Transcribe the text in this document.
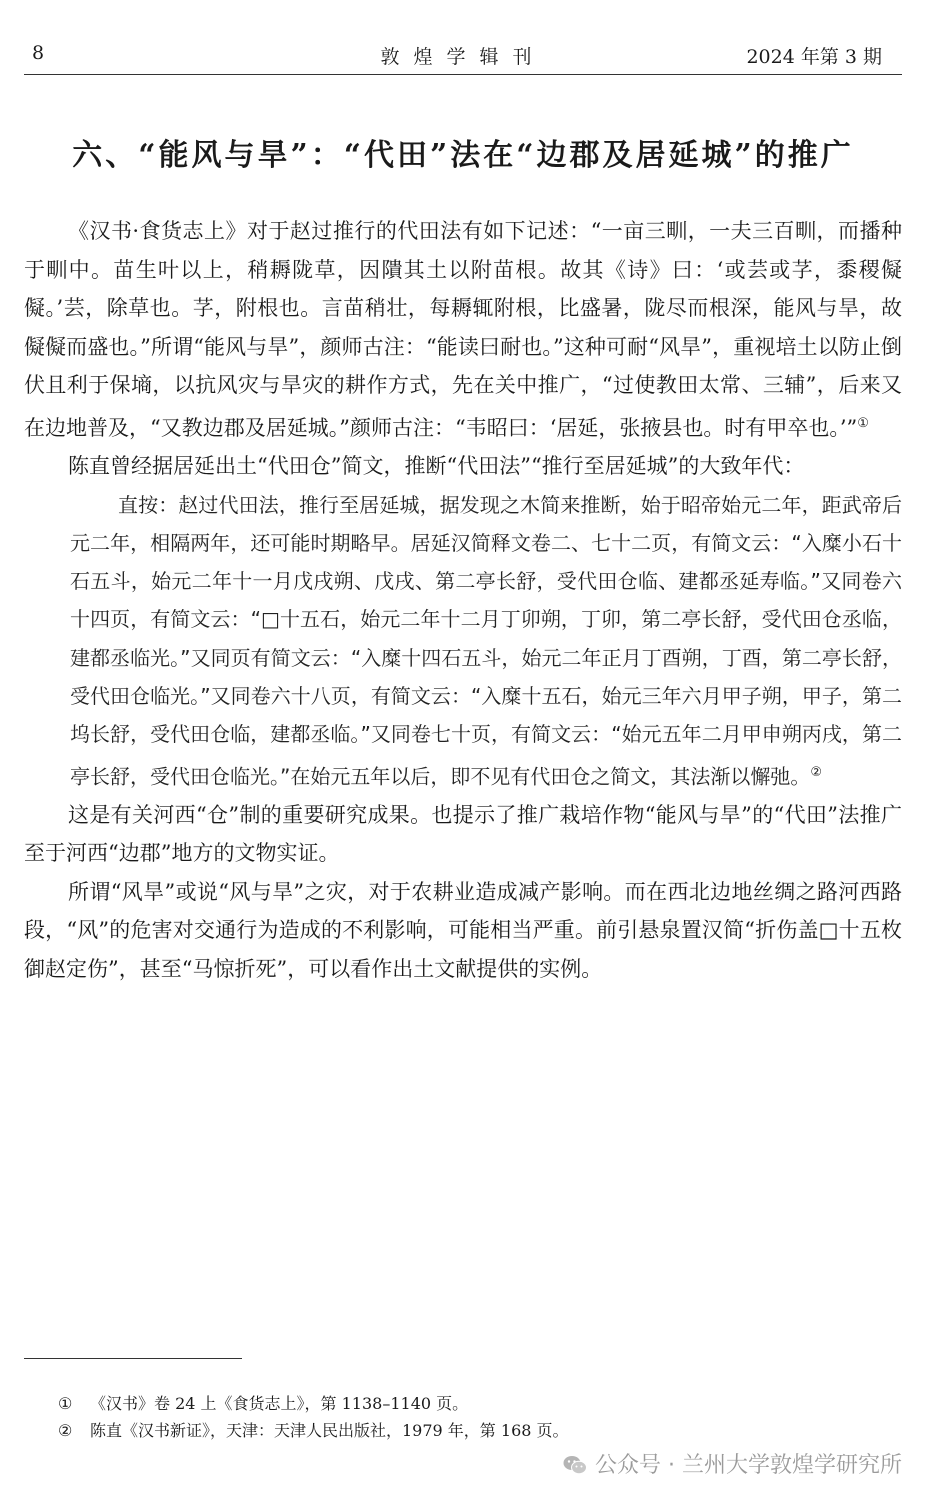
8	敦煌学辑刊	2024 年第 3 期
六、“能风与旱”：“代田”法在“边郡及居延城”的推广

《汉书·食货志上》对于赵过推行的代田法有如下记述：“一亩三甽，一夫三百甽，而播种于甽中。苗生叶以上，稍耨陇草，因隤其土以附苗根。故其《诗》曰：‘或芸或芓，黍稷儗儗。’芸，除草也。芓，附根也。言苗稍壮，每耨辄附根，比盛暑，陇尽而根深，能风与旱，故儗儗而盛也。”所谓“能风与旱”，颜师古注：“能读曰耐也。”这种可耐“风旱”，重视培土以防止倒伏且利于保墒，以抗风灾与旱灾的耕作方式，先在关中推广，“过使教田太常、三辅”，后来又在边地普及，“又教边郡及居延城。”颜师古注：“韦昭曰：‘居延，张掖县也。时有甲卒也。’”①

陈直曾经据居延出土“代田仓”简文，推断“代田法”“推行至居延城”的大致年代：

直按：赵过代田法，推行至居延城，据发现之木简来推断，始于昭帝始元二年，距武帝后元二年，相隔两年，还可能时期略早。居延汉简释文卷二、七十二页，有简文云：“入糜小石十石五斗，始元二年十一月戊戌朔、戊戌、第二亭长舒，受代田仓临、建都丞延寿临。”又同卷六十四页，有简文云：“□十五石，始元二年十二月丁卯朔，丁卯，第二亭长舒，受代田仓丞临，建都丞临光。”又同页有简文云：“入糜十四石五斗，始元二年正月丁酉朔，丁酉，第二亭长舒，受代田仓临光。”又同卷六十八页，有简文云：“入糜十五石，始元三年六月甲子朔，甲子，第二坞长舒，受代田仓临，建都丞临。”又同卷七十页，有简文云：“始元五年二月甲申朔丙戌，第二亭长舒，受代田仓临光。”在始元五年以后，即不见有代田仓之简文，其法渐以懈弛。②

这是有关河西“仓”制的重要研究成果。也提示了推广栽培作物“能风与旱”的“代田”法推广至于河西“边郡”地方的文物实证。

所谓“风旱”或说“风与旱”之灾，对于农耕业造成减产影响。而在西北边地丝绸之路河西路段，“风”的危害对交通行为造成的不利影响，可能相当严重。前引悬泉置汉简“折伤盖□十五枚御赵定伤”，甚至“马惊折死”，可以看作出土文献提供的实例。

① 《汉书》卷 24 上《食货志上》，第 1138–1140 页。
② 陈直《汉书新证》，天津：天津人民出版社，1979 年，第 168 页。
公众号 · 兰州大学敦煌学研究所
